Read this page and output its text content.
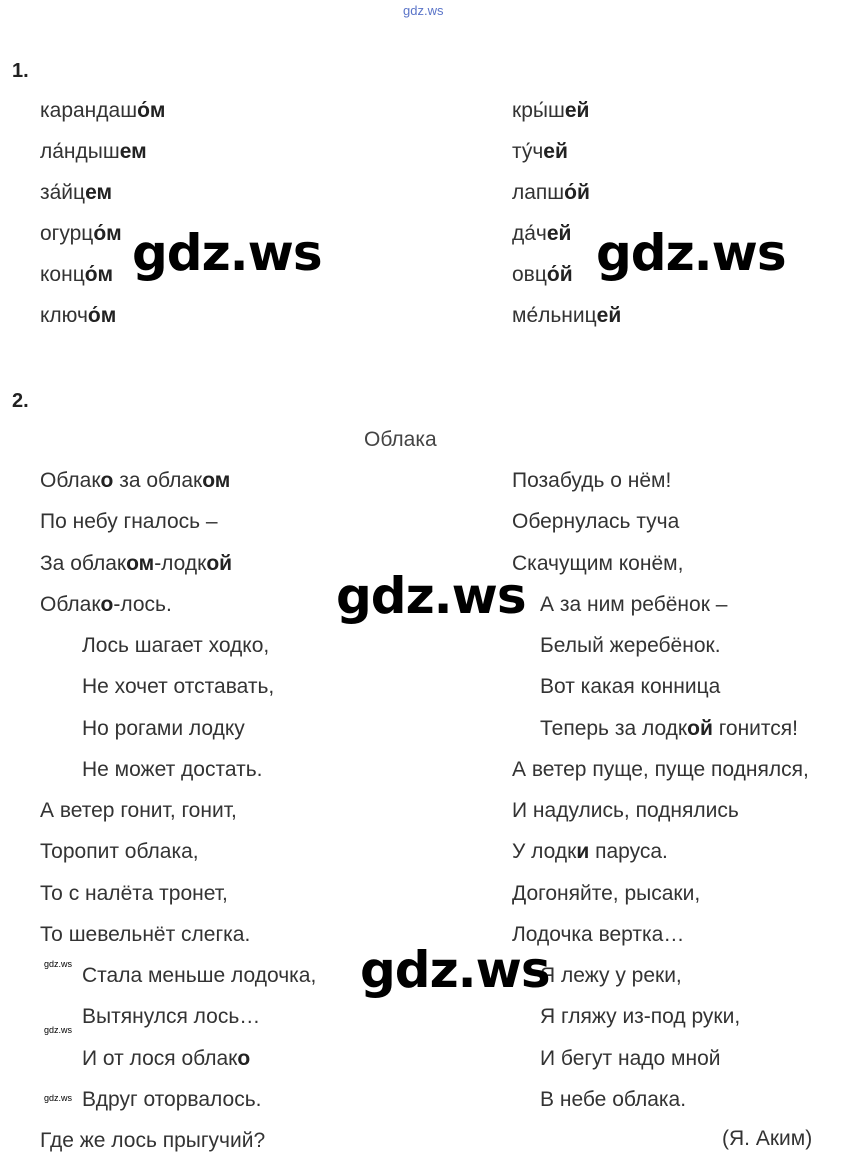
gdz.ws
1.
карандашо́м
ла́ндышем
за́йцем
огурцо́м
концо́м
ключо́м
кры́шей
ту́чей
лапшо́й
да́чей
овцо́й
ме́льницей
2.
Облака
Облако за облаком
По небу гналось –
За облаком-лодкой
Облако-лось.
Лось шагает ходко,
Не хочет отставать,
Но рогами лодку
Не может достать.
А ветер гонит, гонит,
Торопит облака,
То с налёта тронет,
То шевельнёт слегка.
Стала меньше лодочка,
Вытянулся лось…
И от лося облако
Вдруг оторвалось.
Где же лось прыгучий?
Позабудь о нём!
Обернулась туча
Скачущим конём,
А за ним ребёнок –
Белый жеребёнок.
Вот какая конница
Теперь за лодкой гонится!
А ветер пуще, пуще поднялся,
И надулись, поднялись
У лодки паруса.
Догоняйте, рысаки,
Лодочка вертка…
Я лежу у реки,
Я гляжу из-под руки,
И бегут надо мной
В небе облака.
(Я. Аким)
gdz.ws	gdz.ws
gdz.ws
gdz.ws
gdz.ws
gdz.ws
gdz.ws
